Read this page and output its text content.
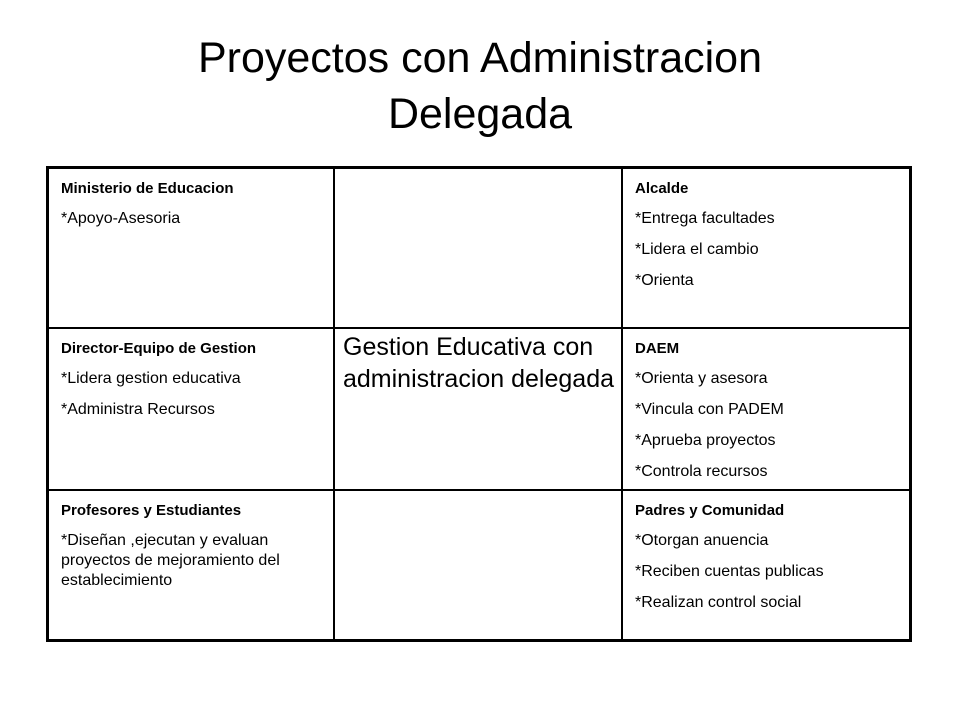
Proyectos con Administracion
Delegada
Ministerio de Educacion
*Apoyo-Asesoria
Alcalde
*Entrega facultades
*Lidera el cambio
*Orienta
Director-Equipo de Gestion
*Lidera gestion educativa
*Administra Recursos
Gestion Educativa con administracion delegada
DAEM
*Orienta y asesora
*Vincula con PADEM
*Aprueba proyectos
*Controla recursos
Profesores y Estudiantes
*Diseñan ,ejecutan y evaluan proyectos de mejoramiento del establecimiento
Padres y Comunidad
*Otorgan anuencia
*Reciben cuentas publicas
*Realizan control social
